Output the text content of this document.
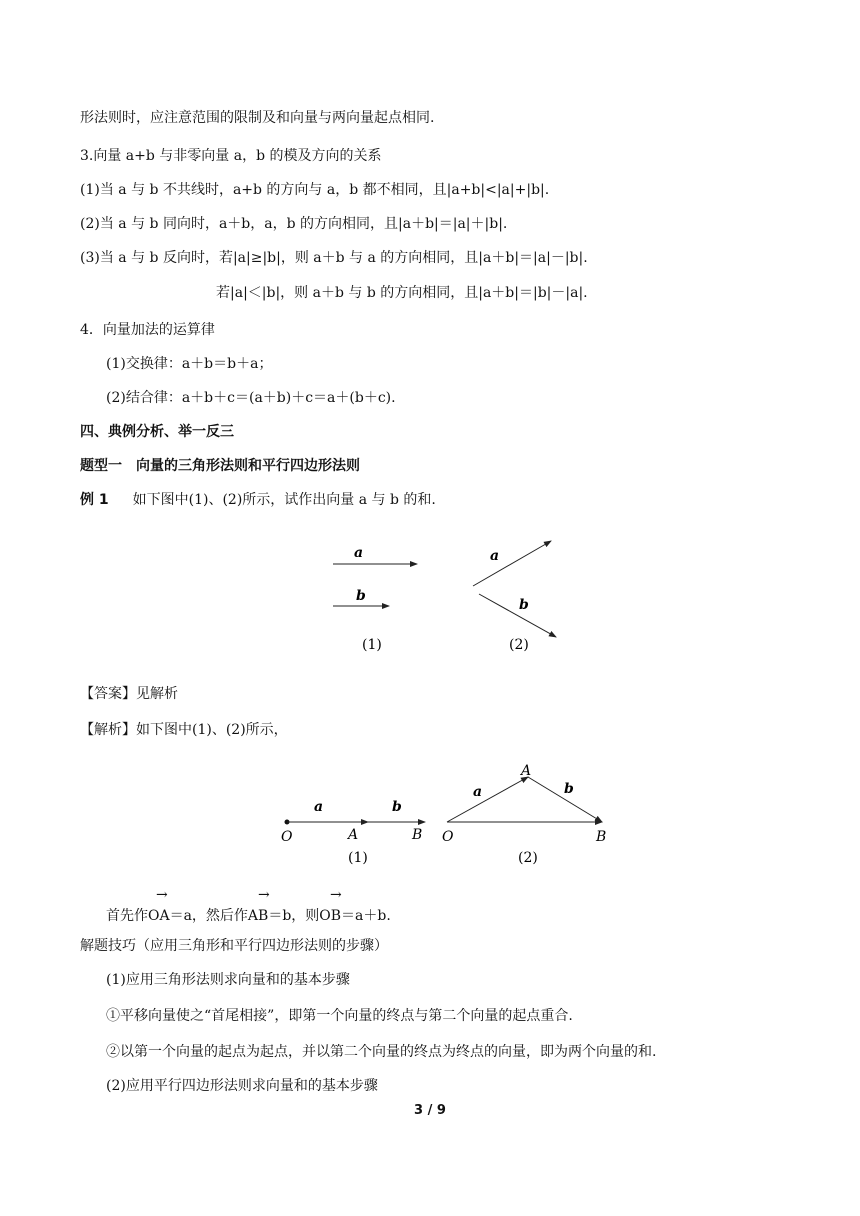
形法则时，应注意范围的限制及和向量与两向量起点相同.
3.向量 a+b 与非零向量 a，b 的模及方向的关系
(1)当 a 与 b 不共线时，a+b 的方向与 a，b 都不相同，且|a+b|<|a|+|b|.
(2)当 a 与 b 同向时，a＋b，a，b 的方向相同，且|a＋b|＝|a|＋|b|.
(3)当 a 与 b 反向时，若|a|≥|b|，则 a＋b 与 a 的方向相同，且|a＋b|＝|a|－|b|.
若|a|＜|b|，则 a＋b 与 b 的方向相同，且|a＋b|＝|b|－|a|.
4．向量加法的运算律
(1)交换律：a＋b＝b＋a；
(2)结合律：a＋b＋c＝(a＋b)＋c＝a＋(b＋c).
四、典例分析、举一反三
题型一　向量的三角形法则和平行四边形法则
例 1 如下图中(1)、(2)所示，试作出向量 a 与 b 的和.
a
b
(1)
a
b
(2)
【答案】见解析
【解析】如下图中(1)、(2)所示，
a	b
O	A	B
(1)
a	b
O
A
B
(2)
→	→	→
首先作OA＝a，然后作AB＝b，则OB＝a＋b.
解题技巧（应用三角形和平行四边形法则的步骤）
(1)应用三角形法则求向量和的基本步骤
①平移向量使之“首尾相接”，即第一个向量的终点与第二个向量的起点重合.
②以第一个向量的起点为起点，并以第二个向量的终点为终点的向量，即为两个向量的和.
(2)应用平行四边形法则求向量和的基本步骤
3 / 9
